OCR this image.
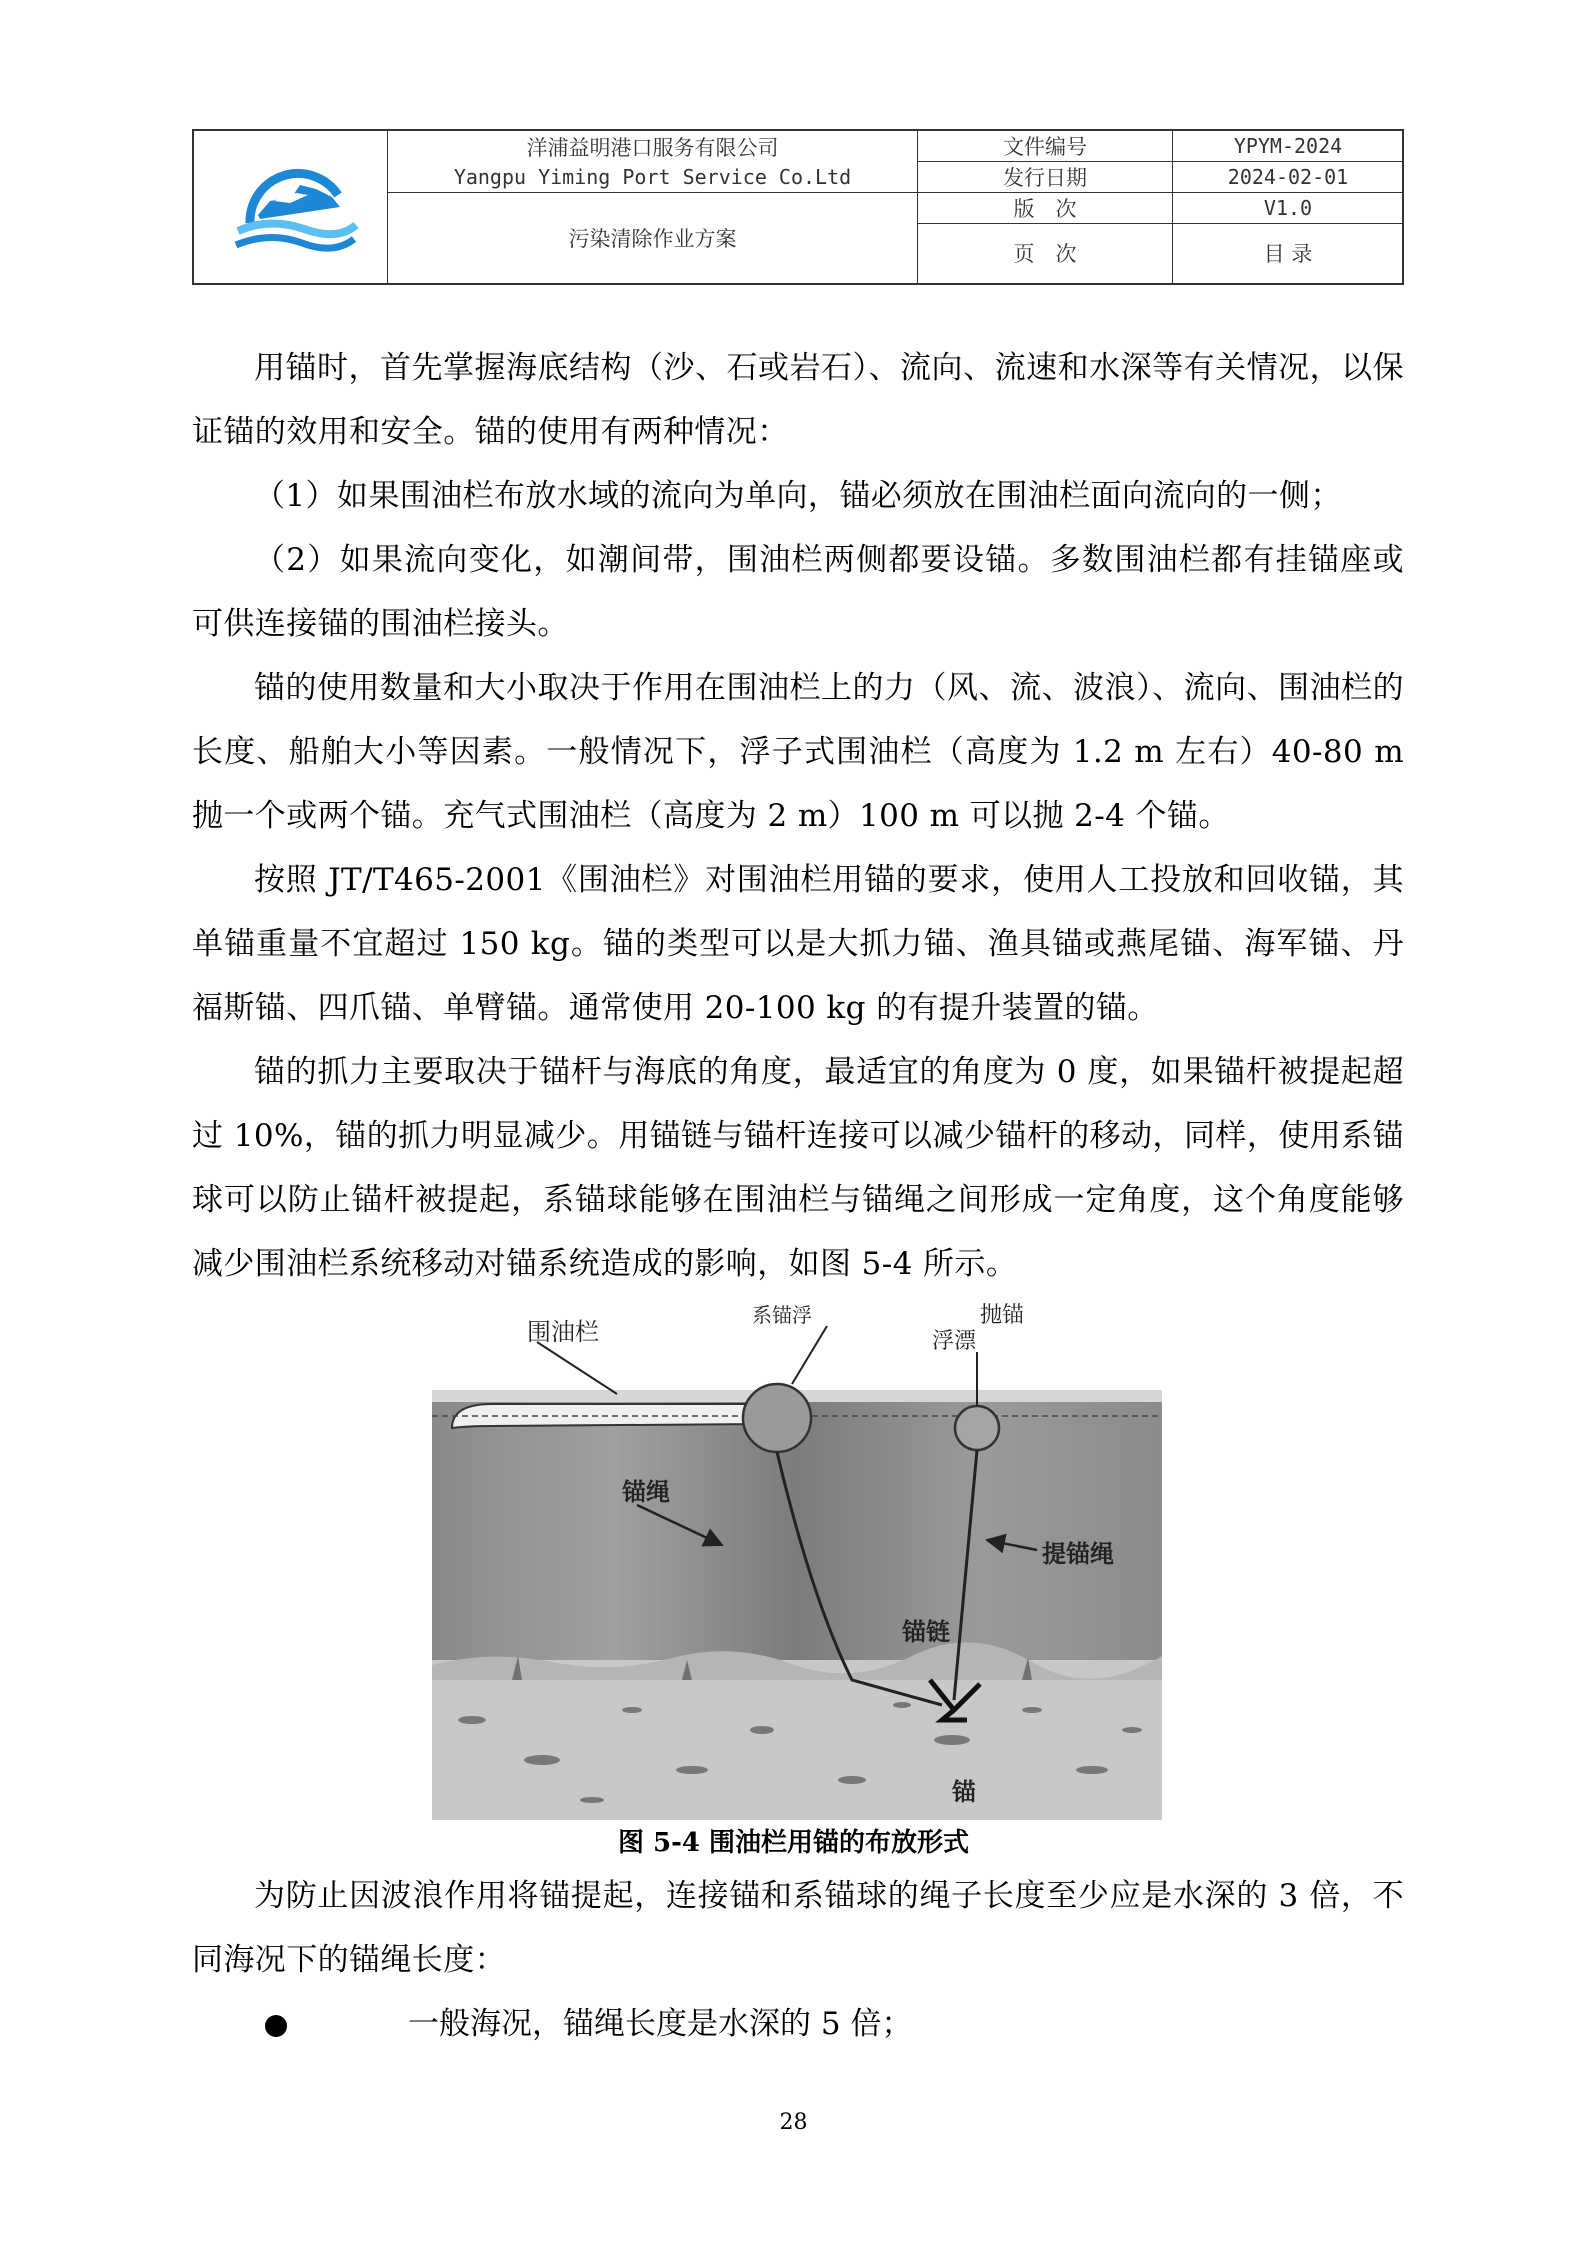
洋浦益明港口服务有限公司
Yangpu Yiming Port Service Co.Ltd
污染清除作业方案
文件编号	YPYM-2024
发行日期	2024-02-01
版　次	V1.0
页　次	目 录

用锚时，首先掌握海底结构（沙、石或岩石）、流向、流速和水深等有关情况，以保证锚的效用和安全。锚的使用有两种情况：

（1）如果围油栏布放水域的流向为单向，锚必须放在围油栏面向流向的一侧；

（2）如果流向变化，如潮间带，围油栏两侧都要设锚。多数围油栏都有挂锚座或可供连接锚的围油栏接头。

锚的使用数量和大小取决于作用在围油栏上的力（风、流、波浪）、流向、围油栏的长度、船舶大小等因素。一般情况下，浮子式围油栏（高度为 1.2 m 左右）40-80 m 抛一个或两个锚。充气式围油栏（高度为 2 m）100 m 可以抛 2-4 个锚。

按照 JT/T465-2001《围油栏》对围油栏用锚的要求，使用人工投放和回收锚，其单锚重量不宜超过 150 kg。锚的类型可以是大抓力锚、渔具锚或燕尾锚、海军锚、丹福斯锚、四爪锚、单臂锚。通常使用 20-100 kg 的有提升装置的锚。

锚的抓力主要取决于锚杆与海底的角度，最适宜的角度为 0 度，如果锚杆被提起超过 10%，锚的抓力明显减少。用锚链与锚杆连接可以减少锚杆的移动，同样，使用系锚球可以防止锚杆被提起，系锚球能够在围油栏与锚绳之间形成一定角度，这个角度能够减少围油栏系统移动对锚系统造成的影响，如图 5-4 所示。

围油栏
系锚浮	抛锚
浮漂
锚绳
提锚绳
锚链
锚
图 5-4 围油栏用锚的布放形式

为防止因波浪作用将锚提起，连接锚和系锚球的绳子长度至少应是水深的 3 倍，不同海况下的锚绳长度：

一般海况，锚绳长度是水深的 5 倍；
28
